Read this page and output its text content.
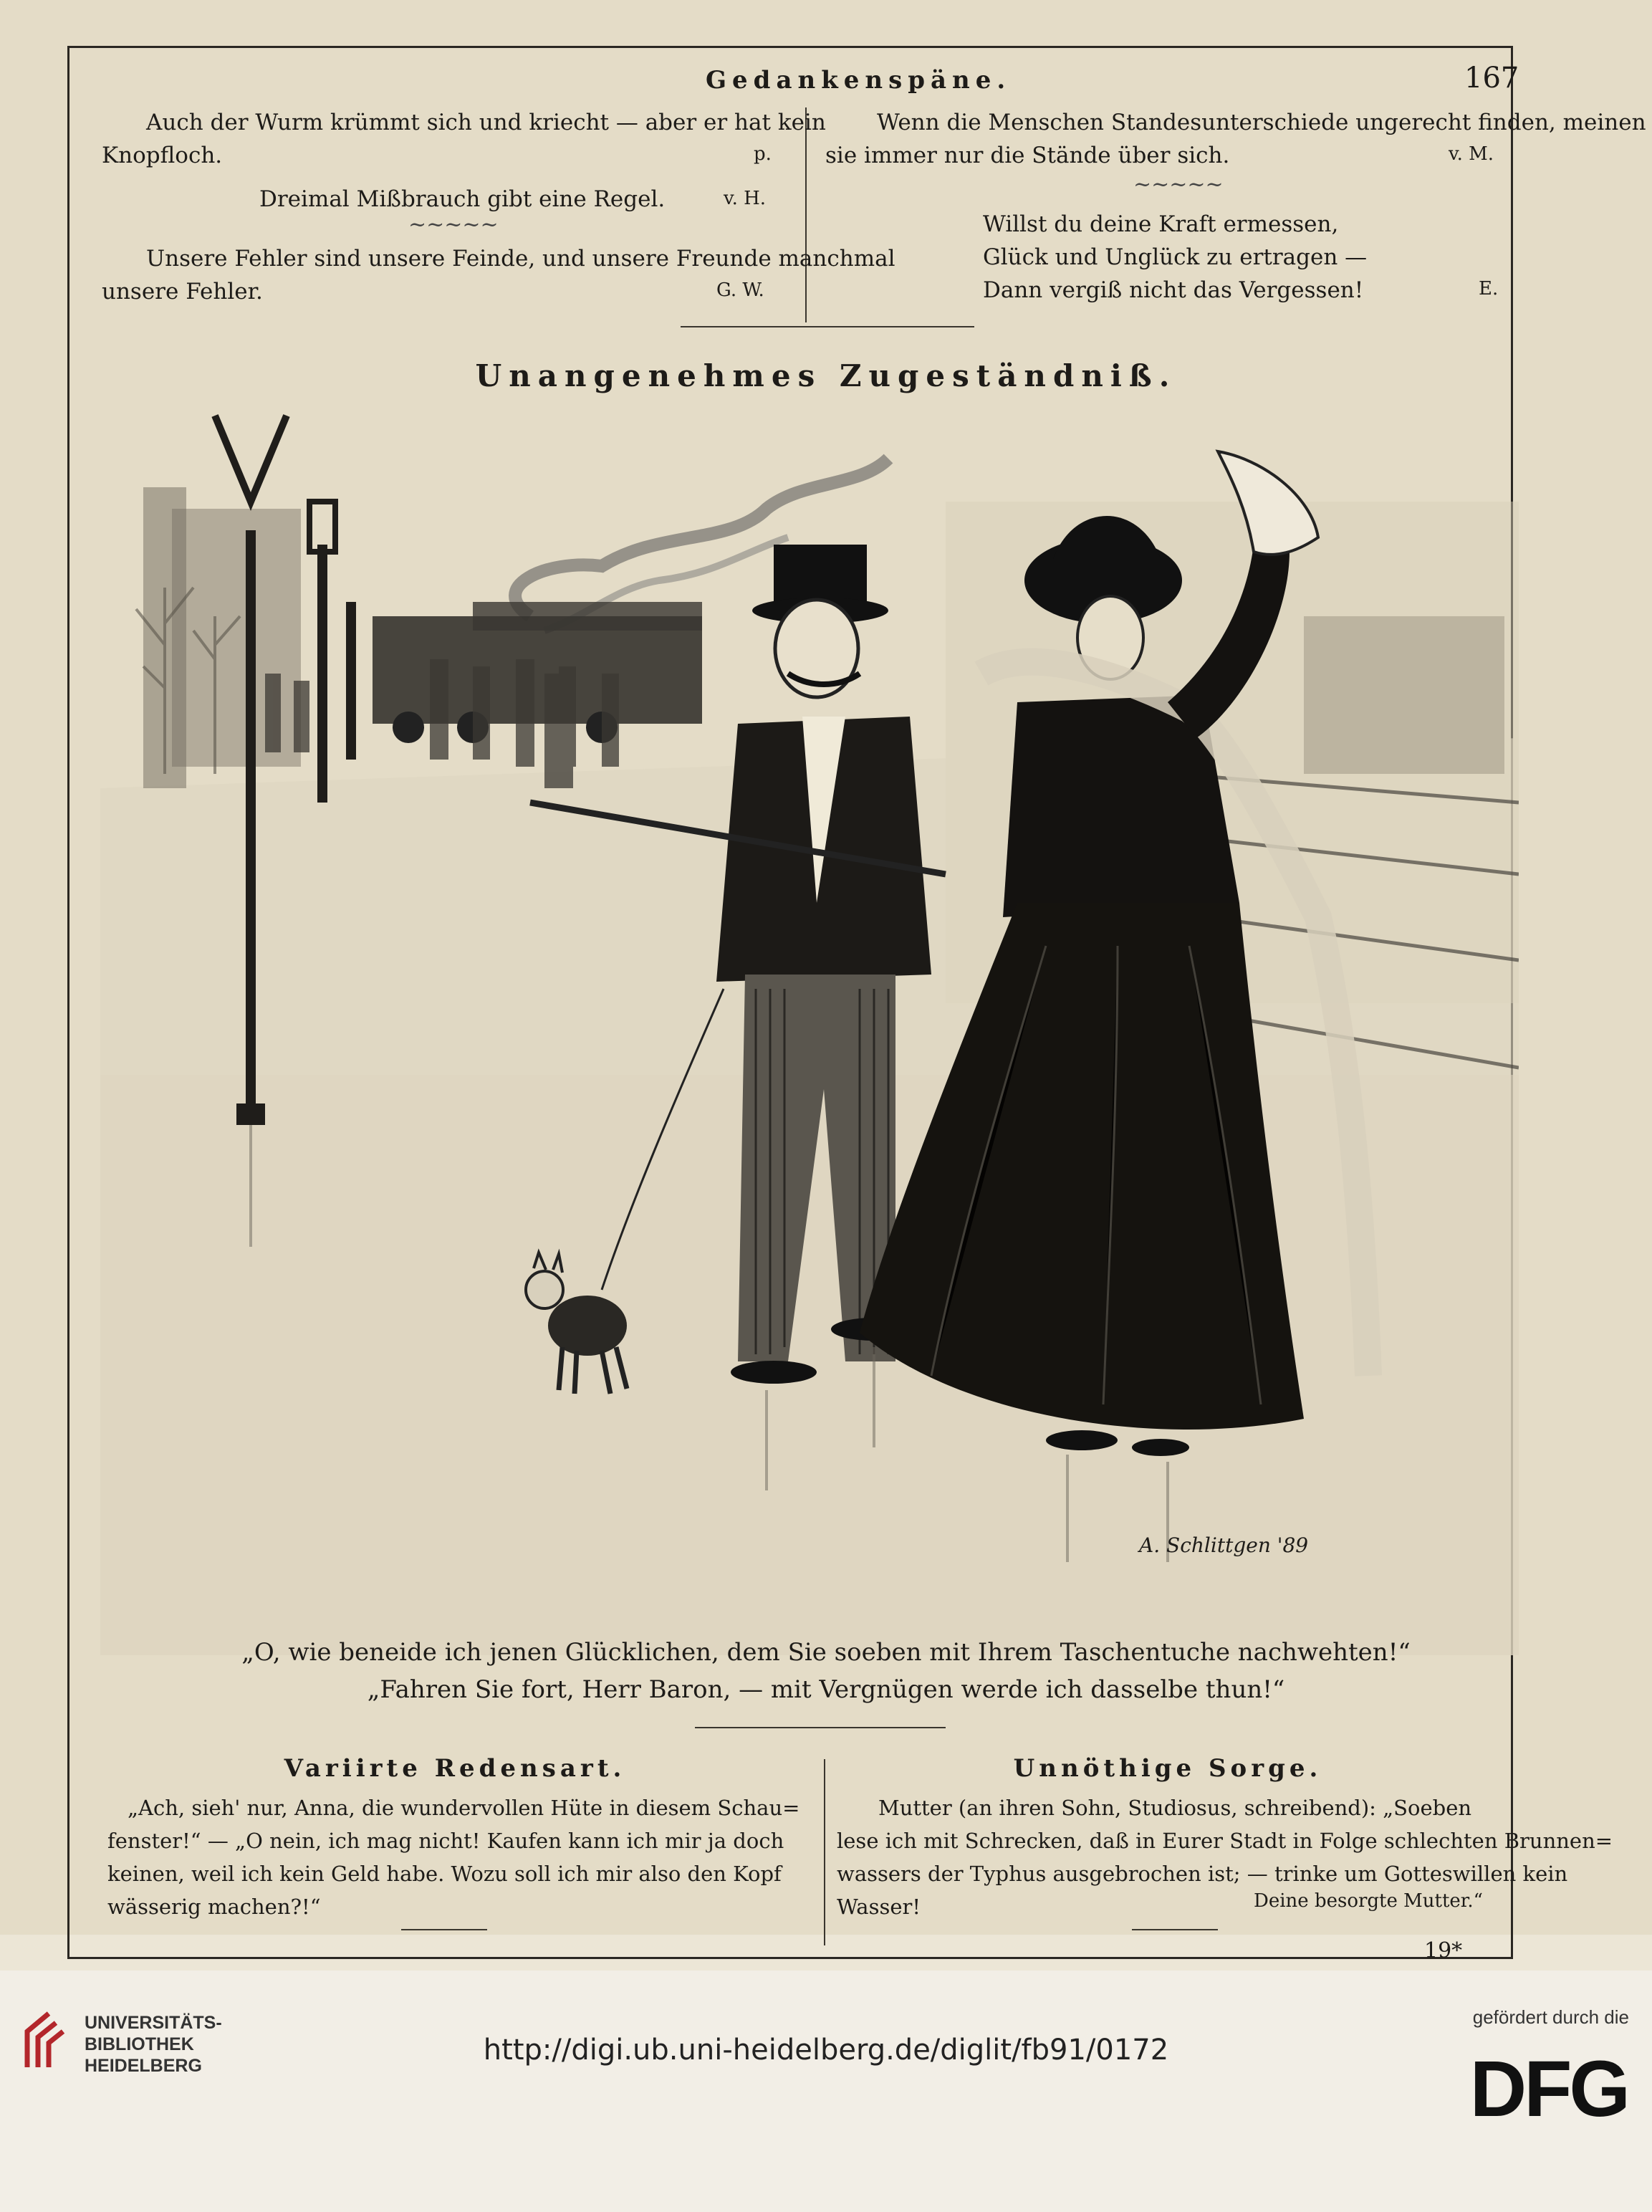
Gedankenspäne.	167
Auch der Wurm krümmt sich und kriecht — aber er hat kein
Knopfloch.	p.
Dreimal Mißbrauch gibt eine Regel.	v. H.
~~~~~
Unsere Fehler sind unsere Feinde, und unsere Freunde manchmal
unsere Fehler.	G. W.
Wenn die Menschen Standesunterschiede ungerecht finden, meinen
sie immer nur die Stände über sich.	v. M.
~~~~~
Willst du deine Kraft ermessen,
Glück und Unglück zu ertragen —
Dann vergiß nicht das Vergessen!	E.
Unangenehmes Zugeständniß.
A. Schlittgen '89
„O, wie beneide ich jenen Glücklichen, dem Sie soeben mit Ihrem Taschentuche nachwehten!“
„Fahren Sie fort, Herr Baron, — mit Vergnügen werde ich dasselbe thun!“
Variirte Redensart.
„Ach, sieh' nur, Anna, die wundervollen Hüte in diesem Schau=
fenster!“ — „O nein, ich mag nicht! Kaufen kann ich mir ja doch
keinen, weil ich kein Geld habe. Wozu soll ich mir also den Kopf
wässerig machen?!“
Unnöthige Sorge.
Mutter (an ihren Sohn, Studiosus, schreibend): „Soeben
lese ich mit Schrecken, daß in Eurer Stadt in Folge schlechten Brunnen=
wassers der Typhus ausgebrochen ist; — trinke um Gotteswillen kein
Wasser!	Deine besorgte Mutter.“
19*
UNIVERSITÄTS-
BIBLIOTHEK
HEIDELBERG	http://digi.ub.uni-heidelberg.de/diglit/fb91/0172
gefördert durch die
DFG
